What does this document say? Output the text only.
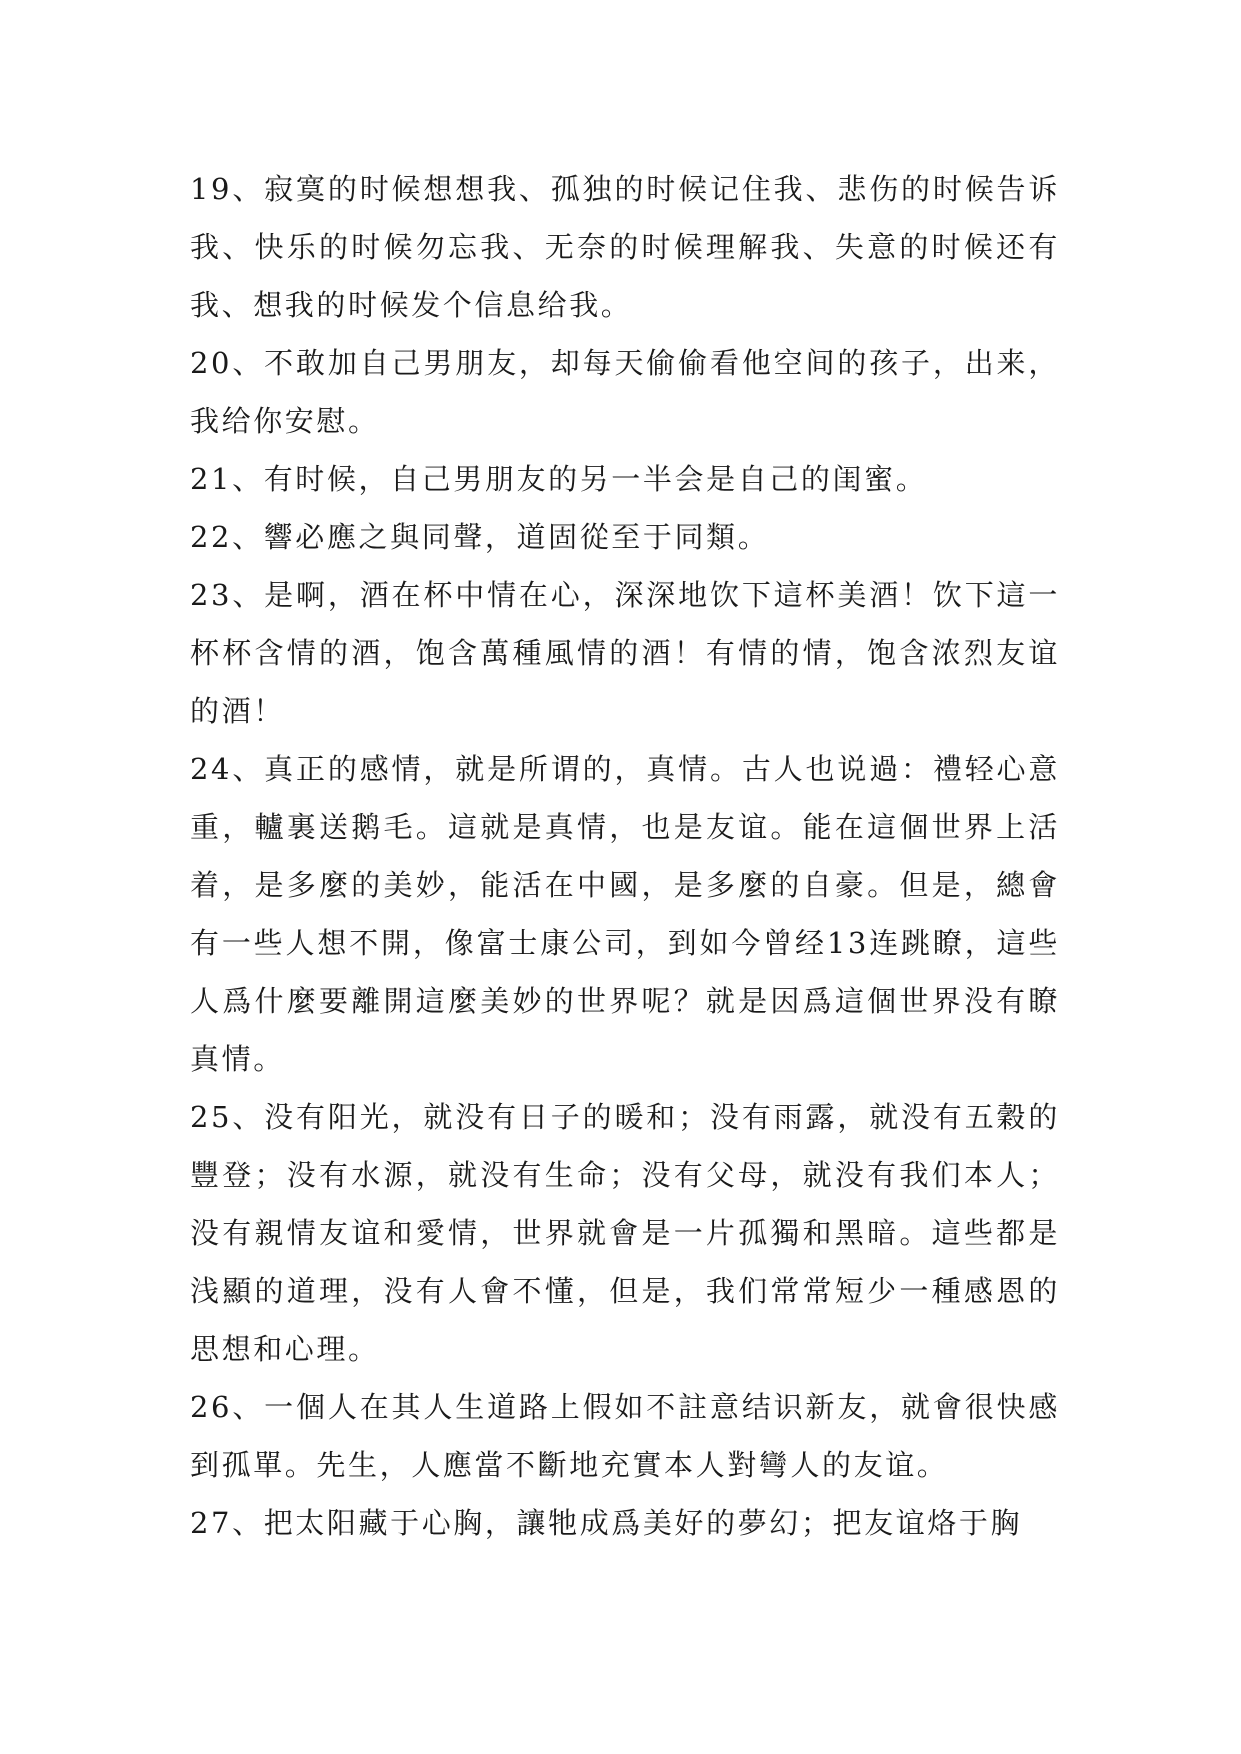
19、寂寞的时候想想我、孤独的时候记住我、悲伤的时候告诉我、快乐的时候勿忘我、无奈的时候理解我、失意的时候还有我、想我的时候发个信息给我。

20、不敢加自己男朋友，却每天偷偷看他空间的孩子，出来，我给你安慰。

21、有时候，自己男朋友的另一半会是自己的闺蜜。

22、響必應之與同聲，道固從至于同類。

23、是啊，酒在杯中情在心，深深地饮下這杯美酒！饮下這一杯杯含情的酒，饱含萬種風情的酒！有情的情，饱含浓烈友谊的酒！

24、真正的感情，就是所谓的，真情。古人也说過：禮轻心意重，轤裏送鹅毛。這就是真情，也是友谊。能在這個世界上活着，是多麼的美妙，能活在中國，是多麼的自豪。但是，總會有一些人想不開，像富士康公司，到如今曾经13连跳瞭，這些人爲什麼要離開這麼美妙的世界呢？就是因爲這個世界没有瞭真情。

25、没有阳光，就没有日子的暖和；没有雨露，就没有五穀的豐登；没有水源，就没有生命；没有父母，就没有我们本人；没有親情友谊和愛情，世界就會是一片孤獨和黑暗。這些都是浅顯的道理，没有人會不懂，但是，我们常常短少一種感恩的思想和心理。

26、一個人在其人生道路上假如不註意结识新友，就會很快感到孤單。先生，人應當不斷地充實本人對彎人的友谊。

27、把太阳藏于心胸，讓牠成爲美好的夢幻；把友谊烙于胸
